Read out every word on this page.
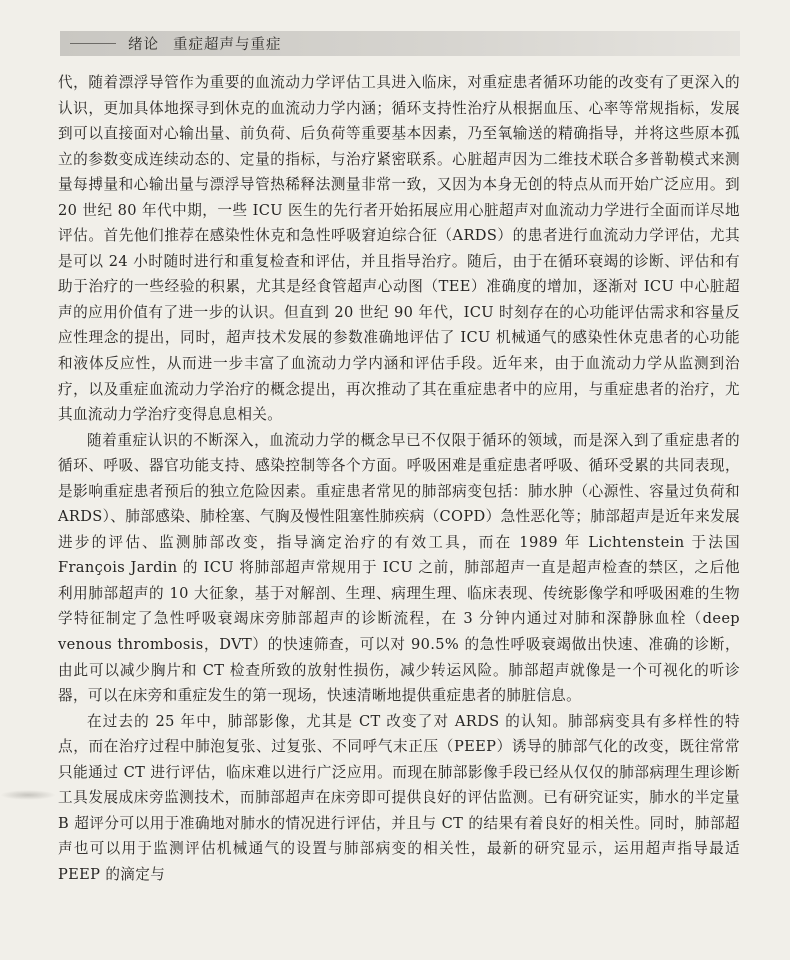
绪论 重症超声与重症

代，随着漂浮导管作为重要的血流动力学评估工具进入临床，对重症患者循环功能的改变有了更深入的认识，更加具体地探寻到休克的血流动力学内涵；循环支持性治疗从根据血压、心率等常规指标，发展到可以直接面对心输出量、前负荷、后负荷等重要基本因素，乃至氧输送的精确指导，并将这些原本孤立的参数变成连续动态的、定量的指标，与治疗紧密联系。心脏超声因为二维技术联合多普勒模式来测量每搏量和心输出量与漂浮导管热稀释法测量非常一致，又因为本身无创的特点从而开始广泛应用。到 20 世纪 80 年代中期，一些 ICU 医生的先行者开始拓展应用心脏超声对血流动力学进行全面而详尽地评估。首先他们推荐在感染性休克和急性呼吸窘迫综合征（ARDS）的患者进行血流动力学评估，尤其是可以 24 小时随时进行和重复检查和评估，并且指导治疗。随后，由于在循环衰竭的诊断、评估和有助于治疗的一些经验的积累，尤其是经食管超声心动图（TEE）准确度的增加，逐渐对 ICU 中心脏超声的应用价值有了进一步的认识。但直到 20 世纪 90 年代，ICU 时刻存在的心功能评估需求和容量反应性理念的提出，同时，超声技术发展的参数准确地评估了 ICU 机械通气的感染性休克患者的心功能和液体反应性，从而进一步丰富了血流动力学内涵和评估手段。近年来，由于血流动力学从监测到治疗，以及重症血流动力学治疗的概念提出，再次推动了其在重症患者中的应用，与重症患者的治疗，尤其血流动力学治疗变得息息相关。

随着重症认识的不断深入，血流动力学的概念早已不仅限于循环的领域，而是深入到了重症患者的循环、呼吸、器官功能支持、感染控制等各个方面。呼吸困难是重症患者呼吸、循环受累的共同表现，是影响重症患者预后的独立危险因素。重症患者常见的肺部病变包括：肺水肿（心源性、容量过负荷和 ARDS）、肺部感染、肺栓塞、气胸及慢性阻塞性肺疾病（COPD）急性恶化等；肺部超声是近年来发展进步的评估、监测肺部改变，指导滴定治疗的有效工具，而在 1989 年 Lichtenstein 于法国 François Jardin 的 ICU 将肺部超声常规用于 ICU 之前，肺部超声一直是超声检查的禁区，之后他利用肺部超声的 10 大征象，基于对解剖、生理、病理生理、临床表现、传统影像学和呼吸困难的生物学特征制定了急性呼吸衰竭床旁肺部超声的诊断流程，在 3 分钟内通过对肺和深静脉血栓（deep venous thrombosis，DVT）的快速筛查，可以对 90.5% 的急性呼吸衰竭做出快速、准确的诊断，由此可以减少胸片和 CT 检查所致的放射性损伤，减少转运风险。肺部超声就像是一个可视化的听诊器，可以在床旁和重症发生的第一现场，快速清晰地提供重症患者的肺脏信息。

在过去的 25 年中，肺部影像，尤其是 CT 改变了对 ARDS 的认知。肺部病变具有多样性的特点，而在治疗过程中肺泡复张、过复张、不同呼气末正压（PEEP）诱导的肺部气化的改变，既往常常只能通过 CT 进行评估，临床难以进行广泛应用。而现在肺部影像手段已经从仅仅的肺部病理生理诊断工具发展成床旁监测技术，而肺部超声在床旁即可提供良好的评估监测。已有研究证实，肺水的半定量 B 超评分可以用于准确地对肺水的情况进行评估，并且与 CT 的结果有着良好的相关性。同时，肺部超声也可以用于监测评估机械通气的设置与肺部病变的相关性，最新的研究显示，运用超声指导最适 PEEP 的滴定与
